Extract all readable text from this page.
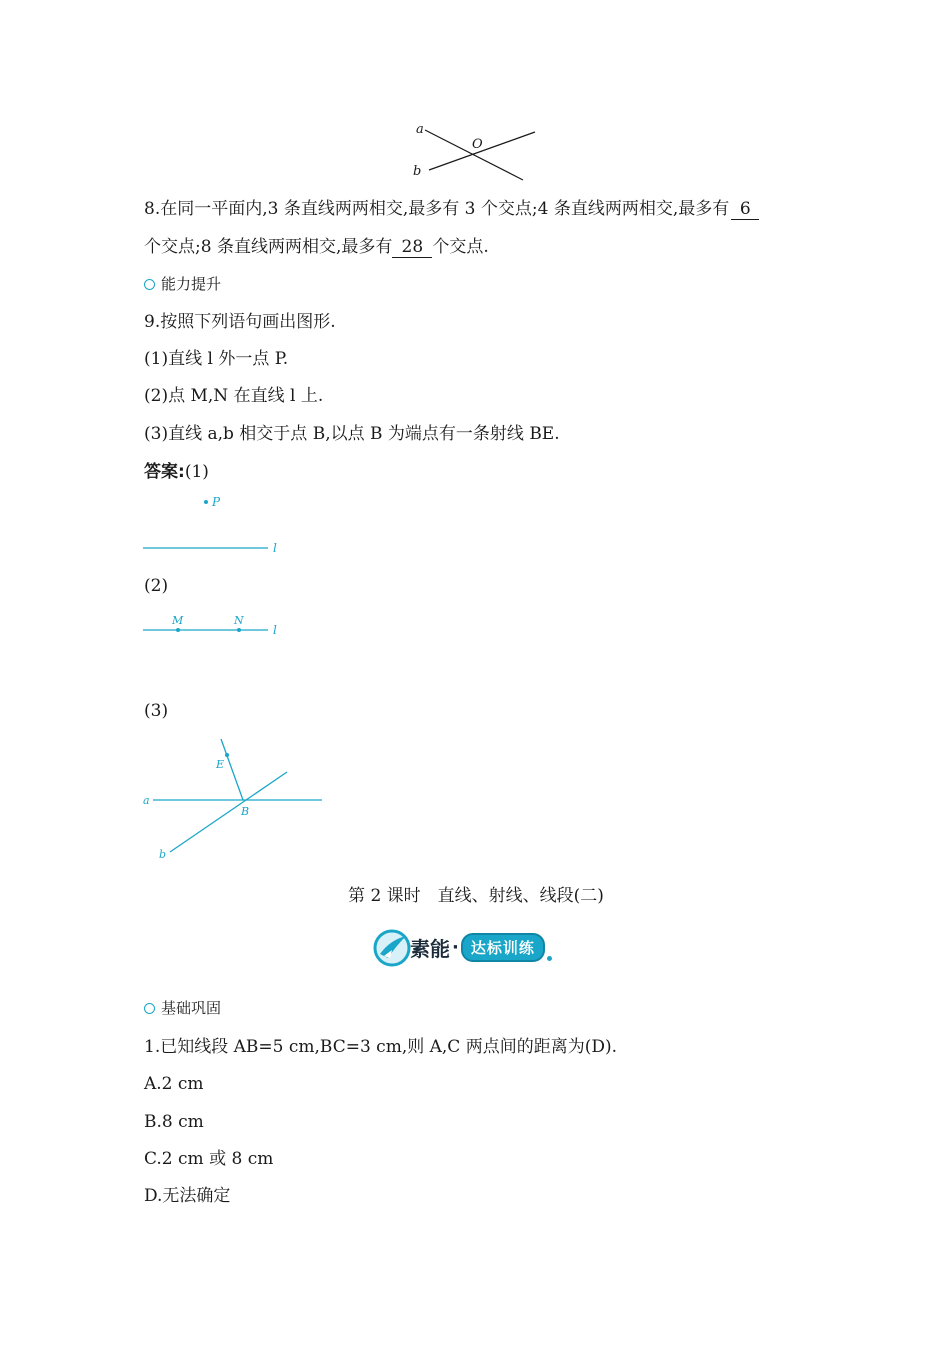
a
b
O
8.在同一平面内,3 条直线两两相交,最多有 3 个交点;4 条直线两两相交,最多有 6
个交点;8 条直线两两相交,最多有 28 个交点.
能力提升
9.按照下列语句画出图形.
(1)直线 l 外一点 P.
(2)点 M,N 在直线 l 上.
(3)直线 a,b 相交于点 B,以点 B 为端点有一条射线 BE.
答案:(1)
P
l
(2)
M	N
l
(3)
E
B
a
b
第 2 课时　直线、射线、线段(二)
素能 · 达标训练
基础巩固
1.已知线段 AB=5 cm,BC=3 cm,则 A,C 两点间的距离为(D).
A.2 cm
B.8 cm
C.2 cm 或 8 cm
D.无法确定
